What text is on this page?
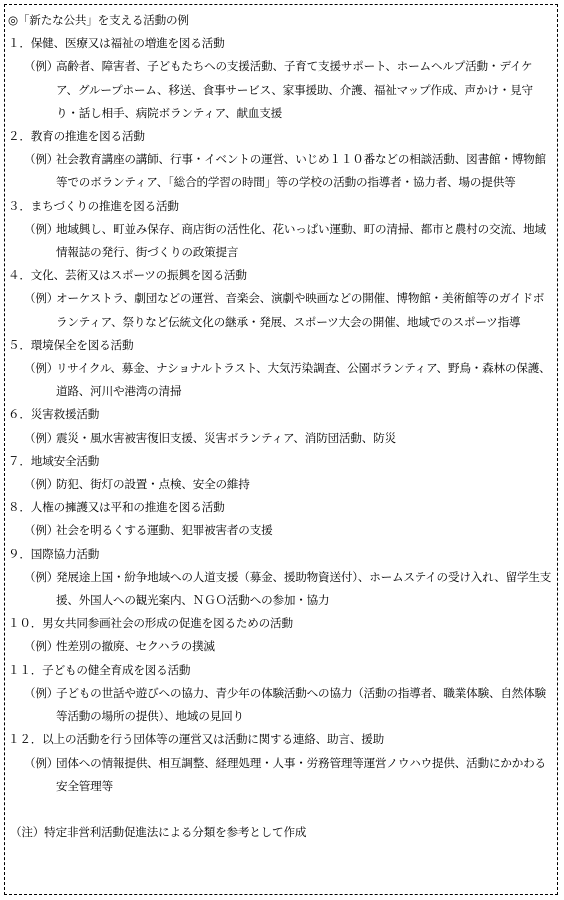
◎「新たな公共」を支える活動の例
１．保健、医療又は福祉の増進を図る活動
（例）
高齢者、障害者、子どもたちへの支援活動、子育て支援サポート、ホームヘルプ活動・デイケア、グループホーム、移送、食事サービス、家事援助、介護、福祉マップ作成、声かけ・見守り・話し相手、病院ボランティア、献血支援
２．教育の推進を図る活動
（例）
社会教育講座の講師、行事・イベントの運営、いじめ１１０番などの相談活動、図書館・博物館等でのボランティア、「総合的学習の時間」等の学校の活動の指導者・協力者、場の提供等
３．まちづくりの推進を図る活動
（例）
地域興し、町並み保存、商店街の活性化、花いっぱい運動、町の清掃、都市と農村の交流、地域情報誌の発行、街づくりの政策提言
４．文化、芸術又はスポーツの振興を図る活動
（例）
オーケストラ、劇団などの運営、音楽会、演劇や映画などの開催、博物館・美術館等のガイドボランティア、祭りなど伝統文化の継承・発展、スポーツ大会の開催、地域でのスポーツ指導
５．環境保全を図る活動
（例）
リサイクル、募金、ナショナルトラスト、大気汚染調査、公園ボランティア、野鳥・森林の保護、道路、河川や港湾の清掃
６．災害救援活動
（例）
震災・風水害被害復旧支援、災害ボランティア、消防団活動、防災
７．地域安全活動
（例）
防犯、街灯の設置・点検、安全の維持
８．人権の擁護又は平和の推進を図る活動
（例）
社会を明るくする運動、犯罪被害者の支援
９．国際協力活動
（例）
発展途上国・紛争地域への人道支援（募金、援助物資送付）、ホームステイの受け入れ、留学生支援、外国人への観光案内、ＮＧＯ活動への参加・協力
１０．男女共同参画社会の形成の促進を図るための活動
（例）
性差別の撤廃、セクハラの撲滅
１１．子どもの健全育成を図る活動
（例）
子どもの世話や遊びへの協力、青少年の体験活動への協力（活動の指導者、職業体験、自然体験等活動の場所の提供）、地域の見回り
１２．以上の活動を行う団体等の運営又は活動に関する連絡、助言、援助
（例）
団体への情報提供、相互調整、経理処理・人事・労務管理等運営ノウハウ提供、活動にかかわる安全管理等
（注）特定非営利活動促進法による分類を参考として作成
